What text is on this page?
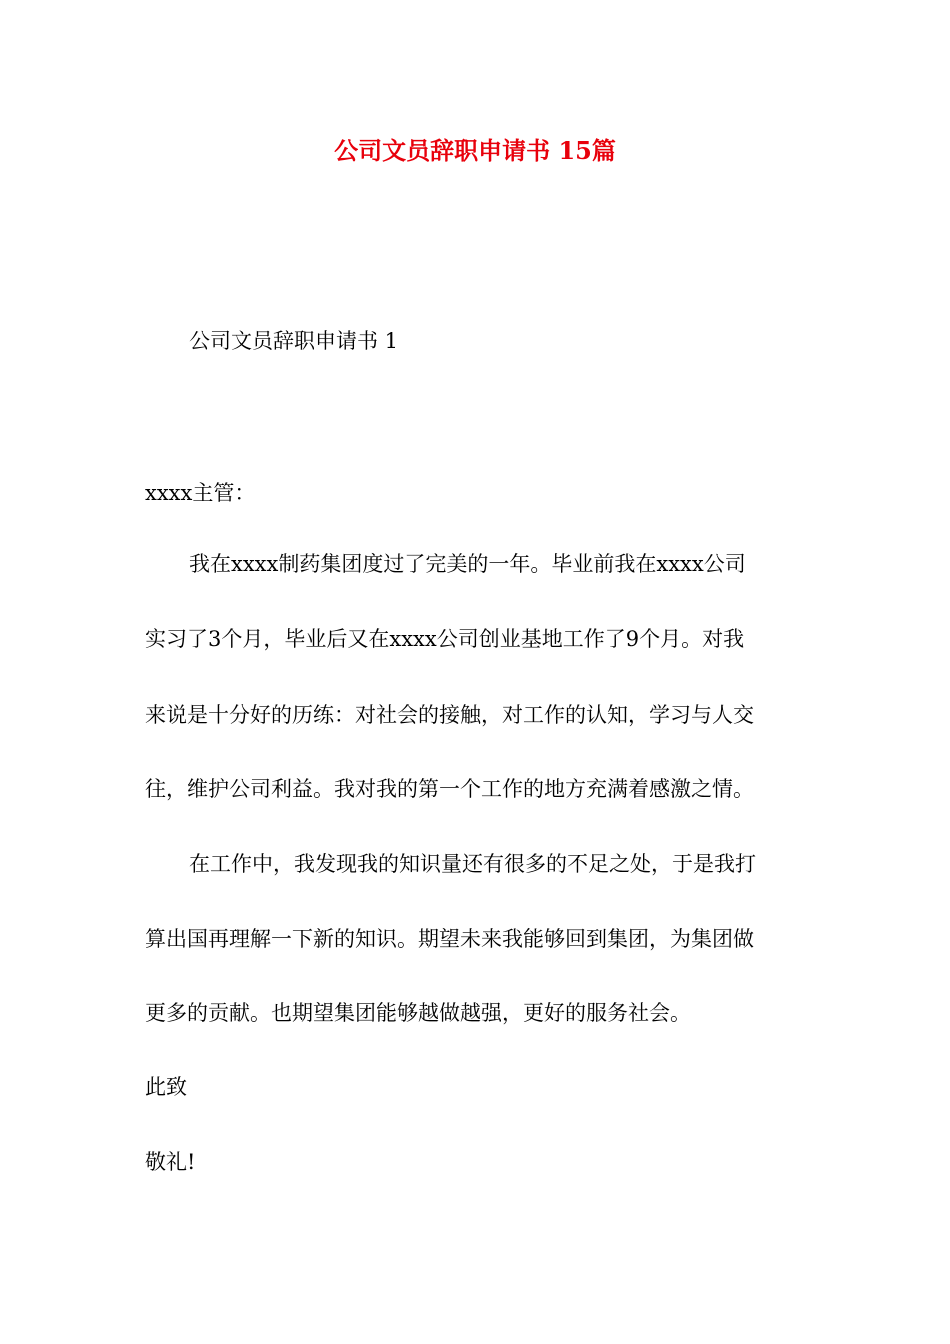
公司文员辞职申请书 15篇
公司文员辞职申请书 1
xxxx主管：
我在xxxx制药集团度过了完美的一年。毕业前我在xxxx公司
实习了3个月，毕业后又在xxxx公司创业基地工作了9个月。对我
来说是十分好的历练：对社会的接触，对工作的认知，学习与人交
往，维护公司利益。我对我的第一个工作的地方充满着感激之情。
在工作中，我发现我的知识量还有很多的不足之处，于是我打
算出国再理解一下新的知识。期望未来我能够回到集团，为集团做
更多的贡献。也期望集团能够越做越强，更好的服务社会。
此致
敬礼!
